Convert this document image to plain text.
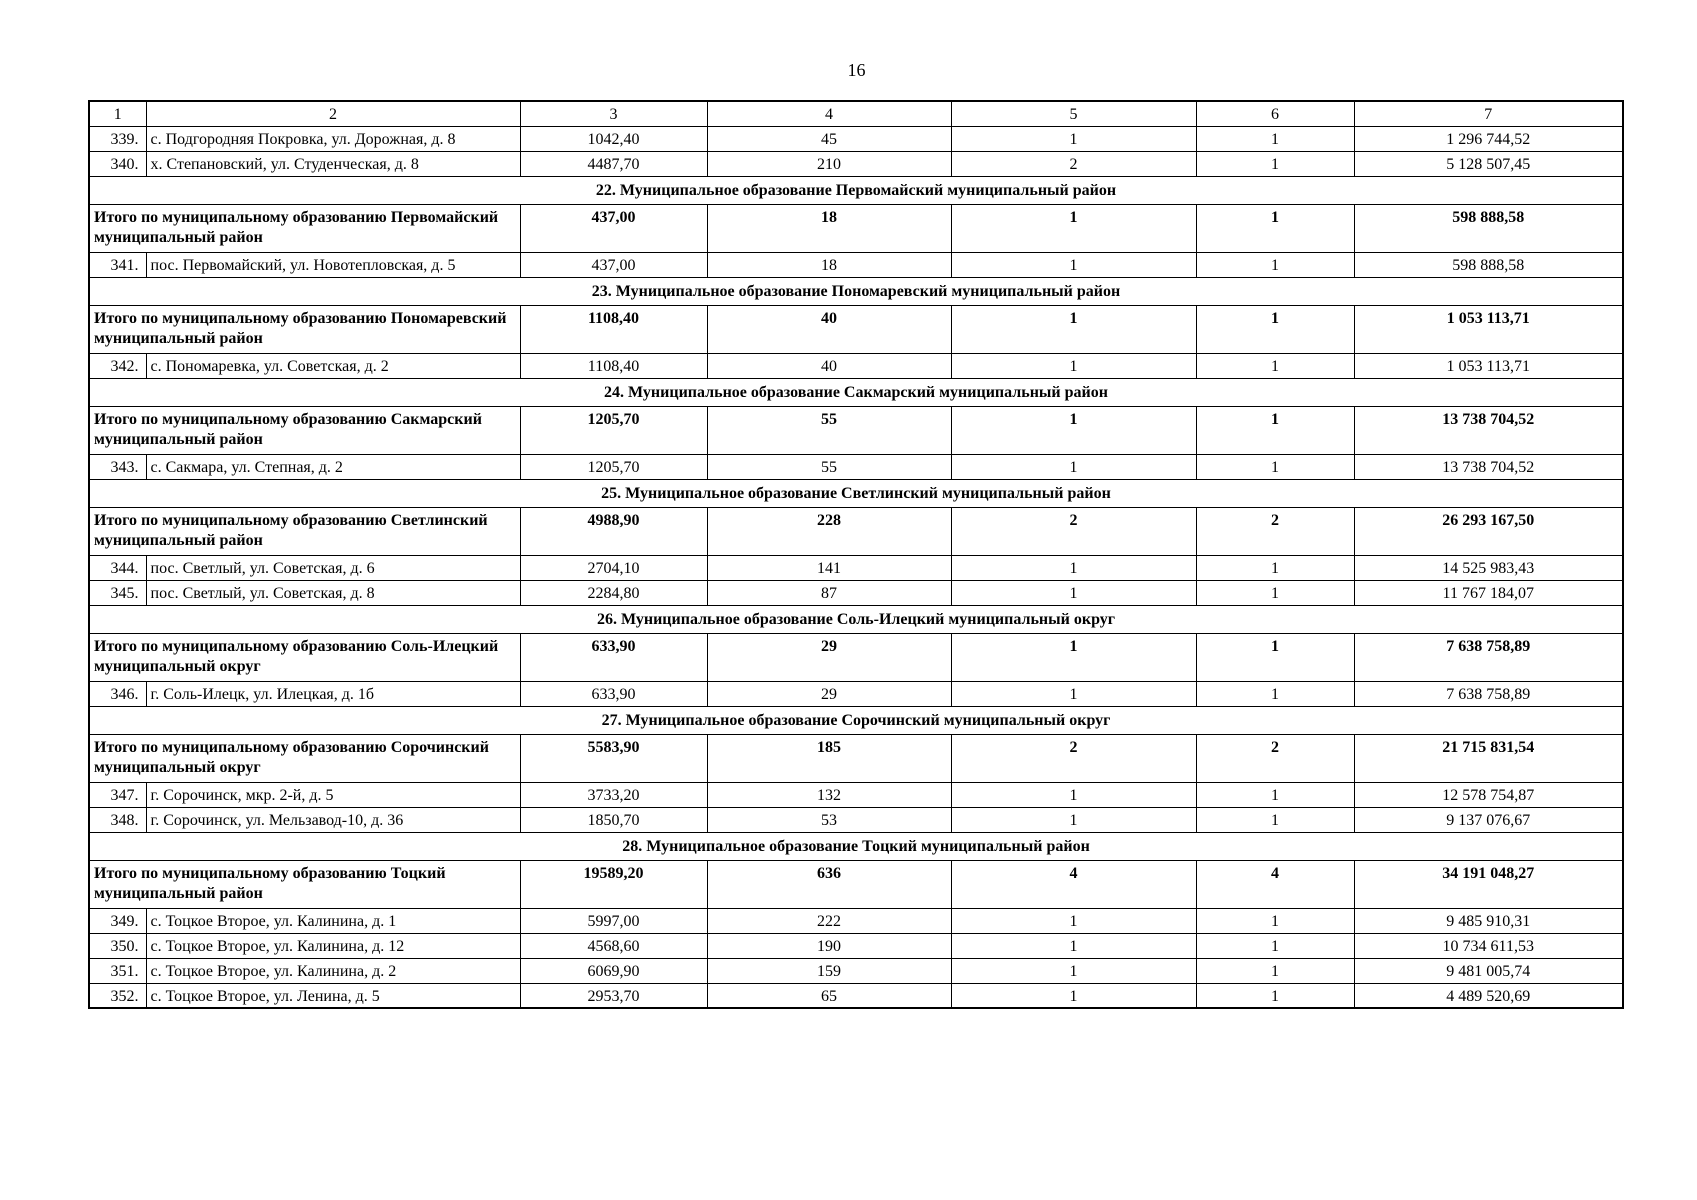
16
1	2	3	4	5	6	7
339.	с. Подгородняя Покровка, ул. Дорожная, д. 8	1042,40	45	1	1	1 296 744,52
340.	х. Степановский, ул. Студенческая, д. 8	4487,70	210	2	1	5 128 507,45
22. Муниципальное образование Первомайский муниципальный район						
Итого по муниципальному образованию Первомайский муниципальный район		437,00	18	1	1	598 888,58
341.	пос. Первомайский, ул. Новотепловская, д. 5	437,00	18	1	1	598 888,58
23. Муниципальное образование Пономаревский муниципальный район						
Итого по муниципальному образованию Пономаревский муниципальный район		1108,40	40	1	1	1 053 113,71
342.	с. Пономаревка, ул. Советская, д. 2	1108,40	40	1	1	1 053 113,71
24. Муниципальное образование Сакмарский муниципальный район						
Итого по муниципальному образованию Сакмарский муниципальный район		1205,70	55	1	1	13 738 704,52
343.	с. Сакмара, ул. Степная, д. 2	1205,70	55	1	1	13 738 704,52
25. Муниципальное образование Светлинский муниципальный район						
Итого по муниципальному образованию Светлинский муниципальный район		4988,90	228	2	2	26 293 167,50
344.	пос. Светлый, ул. Советская, д. 6	2704,10	141	1	1	14 525 983,43
345.	пос. Светлый, ул. Советская, д. 8	2284,80	87	1	1	11 767 184,07
26. Муниципальное образование Соль-Илецкий муниципальный округ						
Итого по муниципальному образованию Соль-Илецкий муниципальный округ		633,90	29	1	1	7 638 758,89
346.	г. Соль-Илецк, ул. Илецкая, д. 1б	633,90	29	1	1	7 638 758,89
27. Муниципальное образование Сорочинский муниципальный округ						
Итого по муниципальному образованию Сорочинский муниципальный округ		5583,90	185	2	2	21 715 831,54
347.	г. Сорочинск, мкр. 2-й, д. 5	3733,20	132	1	1	12 578 754,87
348.	г. Сорочинск, ул. Мельзавод-10, д. 36	1850,70	53	1	1	9 137 076,67
28. Муниципальное образование Тоцкий муниципальный район						
Итого по муниципальному образованию Тоцкий муниципальный район		19589,20	636	4	4	34 191 048,27
349.	с. Тоцкое Второе, ул. Калинина, д. 1	5997,00	222	1	1	9 485 910,31
350.	с. Тоцкое Второе, ул. Калинина, д. 12	4568,60	190	1	1	10 734 611,53
351.	с. Тоцкое Второе, ул. Калинина, д. 2	6069,90	159	1	1	9 481 005,74
352.	с. Тоцкое Второе, ул. Ленина, д. 5	2953,70	65	1	1	4 489 520,69
